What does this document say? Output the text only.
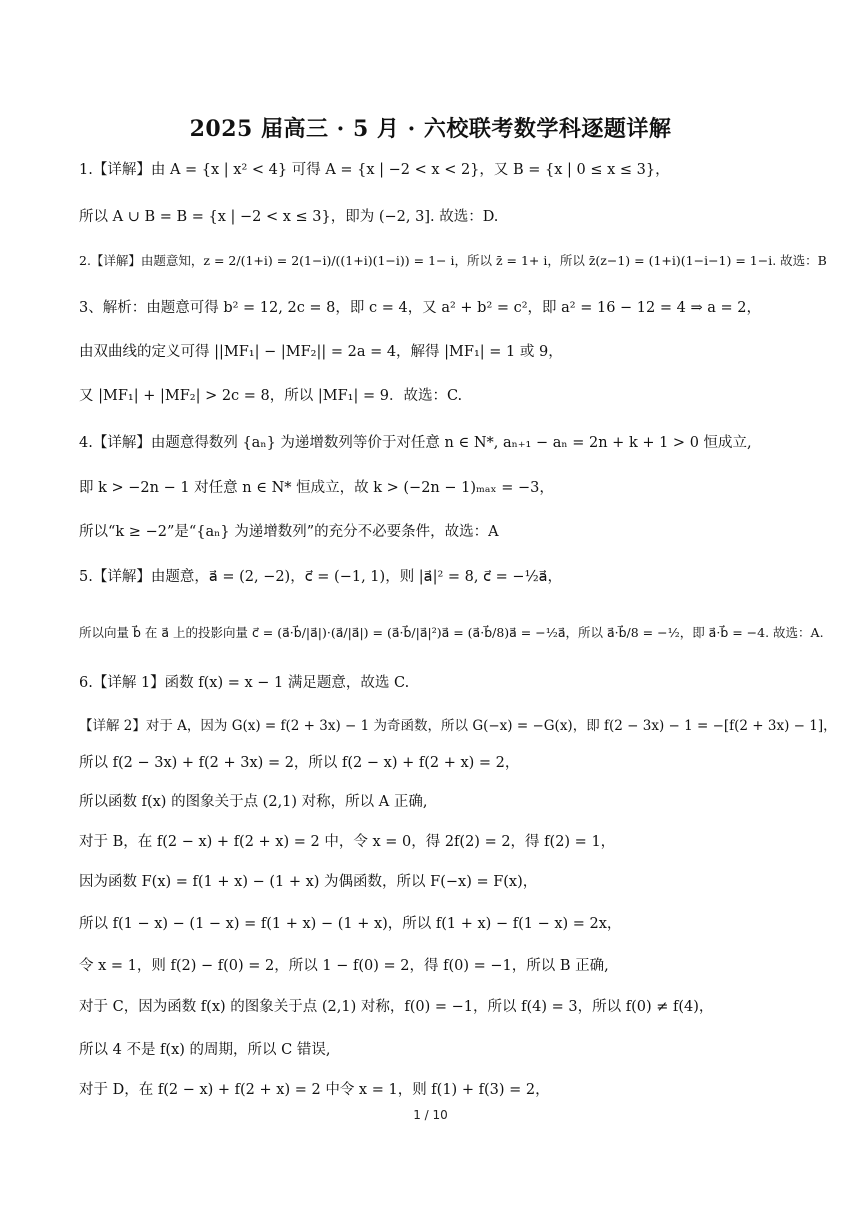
2025 届高三 · 5 月 · 六校联考数学科逐题详解
1.【详解】由 A = {x | x² < 4} 可得 A = {x | −2 < x < 2}，又 B = {x | 0 ≤ x ≤ 3}，
所以 A ∪ B = B = {x | −2 < x ≤ 3}，即为 (−2, 3]. 故选：D.
2.【详解】由题意知，z = 2/(1+i) = 2(1−i)/((1+i)(1−i)) = 1− i，所以 z̄ = 1+ i，所以 z̄(z−1) = (1+i)(1−i−1) = 1−i. 故选：B
3、解析：由题意可得 b² = 12, 2c = 8，即 c = 4，又 a² + b² = c²，即 a² = 16 − 12 = 4 ⇒ a = 2，
由双曲线的定义可得 ||MF₁| − |MF₂|| = 2a = 4，解得 |MF₁| = 1 或 9，
又 |MF₁| + |MF₂| > 2c = 8，所以 |MF₁| = 9．故选：C.
4.【详解】由题意得数列 {aₙ} 为递增数列等价于对任意 n ∈ N*, aₙ₊₁ − aₙ = 2n + k + 1 > 0 恒成立,
即 k > −2n − 1 对任意 n ∈ N* 恒成立，故 k > (−2n − 1)ₘₐₓ = −3，
所以“k ≥ −2”是“{aₙ} 为递增数列”的充分不必要条件，故选：A
5.【详解】由题意，a⃗ = (2, −2)，c⃗ = (−1, 1)，则 |a⃗|² = 8, c⃗ = −½a⃗，
所以向量 b⃗ 在 a⃗ 上的投影向量 c⃗ = (a⃗·b⃗/|a⃗|)·(a⃗/|a⃗|) = (a⃗·b⃗/|a⃗|²)a⃗ = (a⃗·b⃗/8)a⃗ = −½a⃗，所以 a⃗·b⃗/8 = −½，即 a⃗·b⃗ = −4. 故选：A.
6.【详解 1】函数 f(x) = x − 1 满足题意，故选 C.
【详解 2】对于 A，因为 G(x) = f(2 + 3x) − 1 为奇函数，所以 G(−x) = −G(x)，即 f(2 − 3x) − 1 = −[f(2 + 3x) − 1]，
所以 f(2 − 3x) + f(2 + 3x) = 2，所以 f(2 − x) + f(2 + x) = 2，
所以函数 f(x) 的图象关于点 (2,1) 对称，所以 A 正确,
对于 B，在 f(2 − x) + f(2 + x) = 2 中，令 x = 0，得 2f(2) = 2，得 f(2) = 1，
因为函数 F(x) = f(1 + x) − (1 + x) 为偶函数，所以 F(−x) = F(x)，
所以 f(1 − x) − (1 − x) = f(1 + x) − (1 + x)，所以 f(1 + x) − f(1 − x) = 2x，
令 x = 1，则 f(2) − f(0) = 2，所以 1 − f(0) = 2，得 f(0) = −1，所以 B 正确,
对于 C，因为函数 f(x) 的图象关于点 (2,1) 对称，f(0) = −1，所以 f(4) = 3，所以 f(0) ≠ f(4)，
所以 4 不是 f(x) 的周期，所以 C 错误,
对于 D，在 f(2 − x) + f(2 + x) = 2 中令 x = 1，则 f(1) + f(3) = 2，
1 / 10
